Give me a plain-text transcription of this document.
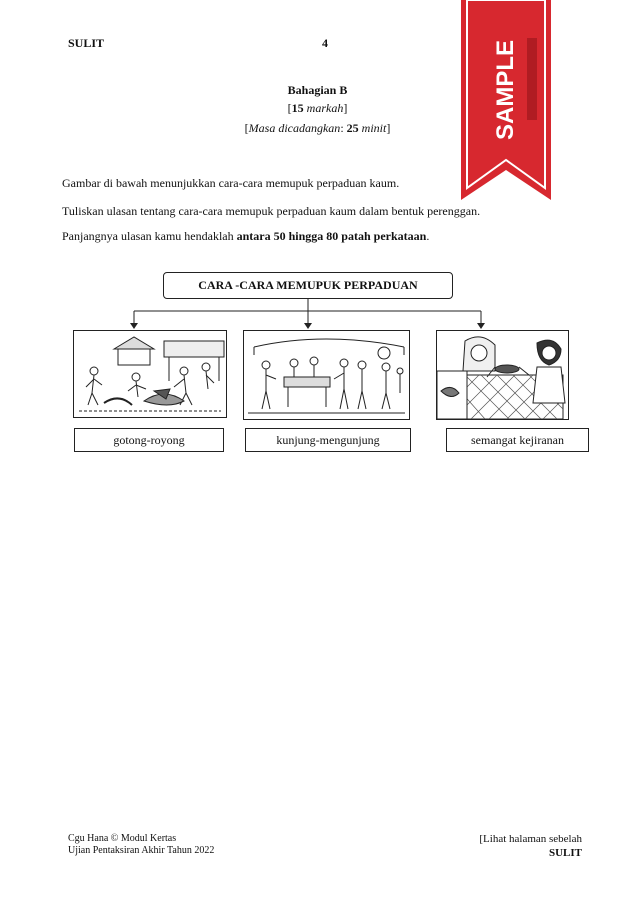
SULIT	4	SAMPLE
Bahagian B
[15 markah]
[Masa dicadangkan: 25 minit]
Gambar di bawah menunjukkan cara-cara memupuk perpaduan kaum.
Tuliskan ulasan tentang cara-cara memupuk perpaduan kaum dalam bentuk perenggan.
Panjangnya ulasan kamu hendaklah antara 50 hingga 80 patah perkataan.
CARA -CARA MEMUPUK PERPADUAN
gotong-royong	kunjung-mengunjung	semangat kejiranan
Cgu Hana © Modul Kertas
Ujian Pentaksiran Akhir Tahun 2022
[Lihat halaman sebelah
SULIT
